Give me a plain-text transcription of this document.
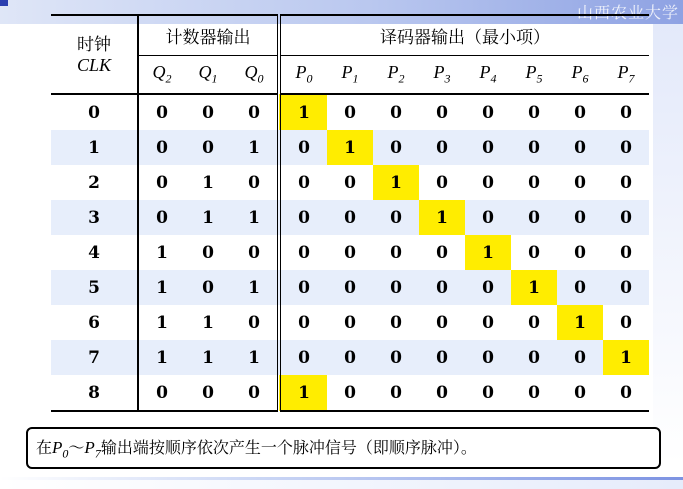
山西农业大学
时钟
CLK	计数器输出			译码器输出（最小项）							
	$Q_2$	$Q_1$	$Q_0$	$P_0$	$P_1$	$P_2$	$P_3$	$P_4$	$P_5$	$P_6$	$P_7$
0	0	0	0	1	0	0	0	0	0	0	0
1	0	0	1	0	1	0	0	0	0	0	0
2	0	1	0	0	0	1	0	0	0	0	0
3	0	1	1	0	0	0	1	0	0	0	0
4	1	0	0	0	0	0	0	1	0	0	0
5	1	0	1	0	0	0	0	0	1	0	0
6	1	1	0	0	0	0	0	0	0	1	0
7	1	1	1	0	0	0	0	0	0	0	1
8	0	0	0	1	0	0	0	0	0	0	0
在$P_0\sim P_7$输出端按顺序依次产生一个脉冲信号（即顺序脉冲）。
